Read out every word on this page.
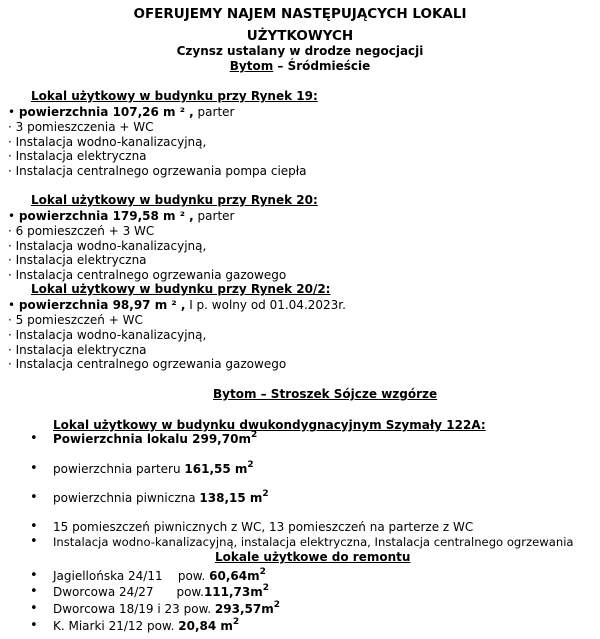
OFERUJEMY NAJEM NASTĘPUJĄCYCH LOKALI
UŻYTKOWYCH
Czynsz ustalany w drodze negocjacji
Bytom – Śródmieście
Lokal użytkowy w budynku przy Rynek 19:
• powierzchnia 107,26 m ² , parter
· 3 pomieszczenia + WC
· Instalacja wodno-kanalizacyjną,
· Instalacja elektryczna
· Instalacja centralnego ogrzewania pompa ciepła
Lokal użytkowy w budynku przy Rynek 20:
• powierzchnia 179,58 m ² , parter
· 6 pomieszczeń + 3 WC
· Instalacja wodno-kanalizacyjną,
· Instalacja elektryczna
· Instalacja centralnego ogrzewania gazowego
Lokal użytkowy w budynku przy Rynek 20/2:
• powierzchnia 98,97 m ² , I p. wolny od 01.04.2023r.
· 5 pomieszczeń + WC
· Instalacja wodno-kanalizacyjną,
· Instalacja elektryczna
· Instalacja centralnego ogrzewania gazowego
Bytom – Stroszek Sójcze wzgórze
Lokal użytkowy w budynku dwukondygnacyjnym Szymały 122A:
• Powierzchnia lokalu $299,70m^2$
• powierzchnia parteru 161,55 $m^2$
• powierzchnia piwniczna 138,15 $m^2$
• 15 pomieszczeń piwnicznych z WC, 13 pomieszczeń na parterze z WC
• Instalacja wodno-kanalizacyjną, instalacja elektryczna, Instalacja centralnego ogrzewania
Lokale użytkowe do remontu
• Jagiellońska 24/11    pow. $60,64m^2$
• Dworcowa 24/27      $pow.111,73m^2$
• Dworcowa 18/19 i 23 pow. $293,57m^2$
• K. Miarki 21/12 pow. 20,84 $m^2$
